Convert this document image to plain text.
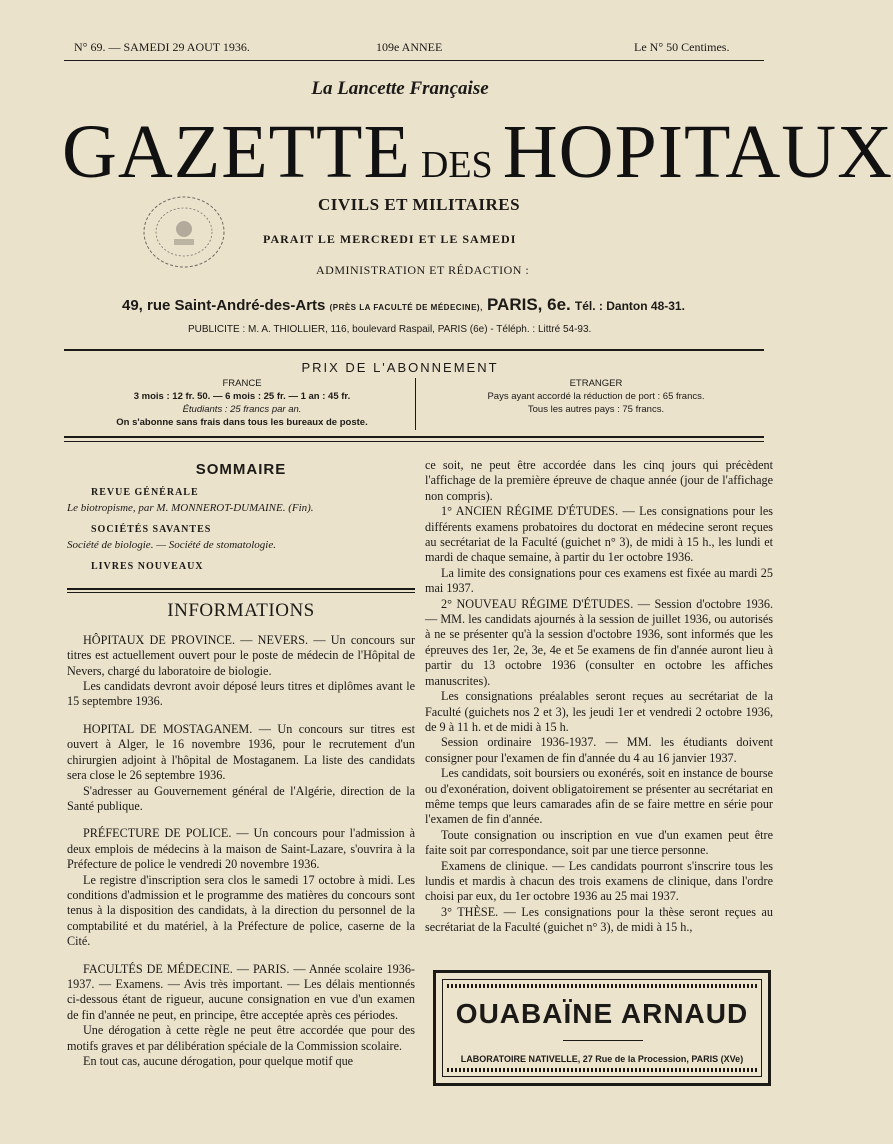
N° 69. — SAMEDI 29 AOUT 1936.	109e ANNEE	Le N° 50 Centimes.
La Lancette Française
GAZETTE DES HOPITAUX
CIVILS ET MILITAIRES
PARAIT LE MERCREDI ET LE SAMEDI
ADMINISTRATION ET RÉDACTION :
49, rue Saint-André-des-Arts (PRÈS LA FACULTÉ DE MÉDECINE), PARIS, 6e. Tél. : Danton 48-31.
PUBLICITE : M. A. THIOLLIER, 116, boulevard Raspail, PARIS (6e) - Téléph. : Littré 54-93.
PRIX DE L'ABONNEMENT
FRANCE
3 mois : 12 fr. 50. — 6 mois : 25 fr. — 1 an : 45 fr.
Étudiants : 25 francs par an.
On s'abonne sans frais dans tous les bureaux de poste.
ETRANGER
Pays ayant accordé la réduction de port : 65 francs.
Tous les autres pays : 75 francs.
SOMMAIRE
REVUE GÉNÉRALE
Le biotropisme, par M. MONNEROT-DUMAINE. (Fin).
SOCIÉTÉS SAVANTES
Société de biologie. — Société de stomatologie.
LIVRES NOUVEAUX
INFORMATIONS

HÔPITAUX DE PROVINCE. — NEVERS. — Un concours sur titres est actuellement ouvert pour le poste de médecin de l'Hôpital de Nevers, chargé du laboratoire de biologie.

Les candidats devront avoir déposé leurs titres et diplômes avant le 15 septembre 1936.

HOPITAL DE MOSTAGANEM. — Un concours sur titres est ouvert à Alger, le 16 novembre 1936, pour le recrutement d'un chirurgien adjoint à l'hôpital de Mostaganem. La liste des candidats sera close le 26 septembre 1936.

S'adresser au Gouvernement général de l'Algérie, direction de la Santé publique.

PRÉFECTURE DE POLICE. — Un concours pour l'admission à deux emplois de médecins à la maison de Saint-Lazare, s'ouvrira à la Préfecture de police le vendredi 20 novembre 1936.

Le registre d'inscription sera clos le samedi 17 octobre à midi. Les conditions d'admission et le programme des matières du concours sont tenus à la disposition des candidats, à la direction du personnel de la comptabilité et du matériel, à la Préfecture de police, caserne de la Cité.

FACULTÉS DE MÉDECINE. — PARIS. — Année scolaire 1936-1937. — Examens. — Avis très important. — Les délais mentionnés ci-dessous étant de rigueur, aucune consignation en vue d'un examen de fin d'année ne peut, en principe, être acceptée après ces périodes.

Une dérogation à cette règle ne peut être accordée que pour des motifs graves et par délibération spéciale de la Commission scolaire.

En tout cas, aucune dérogation, pour quelque motif que

ce soit, ne peut être accordée dans les cinq jours qui précèdent l'affichage de la première épreuve de chaque année (jour de l'affichage non compris).

1° ANCIEN RÉGIME D'ÉTUDES. — Les consignations pour les différents examens probatoires du doctorat en médecine seront reçues au secrétariat de la Faculté (guichet n° 3), de midi à 15 h., les lundi et mardi de chaque semaine, à partir du 1er octobre 1936.

La limite des consignations pour ces examens est fixée au mardi 25 mai 1937.

2° NOUVEAU RÉGIME D'ÉTUDES. — Session d'octobre 1936. — MM. les candidats ajournés à la session de juillet 1936, ou autorisés à ne se présenter qu'à la session d'octobre 1936, sont informés que les épreuves des 1er, 2e, 3e, 4e et 5e examens de fin d'année auront lieu à partir du 13 octobre 1936 (consulter en octobre les affiches manuscrites).

Les consignations préalables seront reçues au secrétariat de la Faculté (guichets nos 2 et 3), les jeudi 1er et vendredi 2 octobre 1936, de 9 à 11 h. et de midi à 15 h.

Session ordinaire 1936-1937. — MM. les étudiants doivent consigner pour l'examen de fin d'année du 4 au 16 janvier 1937.

Les candidats, soit boursiers ou exonérés, soit en instance de bourse ou d'exonération, doivent obligatoirement se présenter au secrétariat en même temps que leurs camarades afin de se faire mettre en série pour l'examen de fin d'année.

Toute consignation ou inscription en vue d'un examen peut être faite soit par correspondance, soit par une tierce personne.

Examens de clinique. — Les candidats pourront s'inscrire tous les lundis et mardis à chacun des trois examens de clinique, dans l'ordre choisi par eux, du 1er octobre 1936 au 25 mai 1937.

3° THÈSE. — Les consignations pour la thèse seront reçues au secrétariat de la Faculté (guichet n° 3), de midi à 15 h.,

OUABAÏNE ARNAUD
LABORATOIRE NATIVELLE, 27 Rue de la Procession, PARIS (XVe)
